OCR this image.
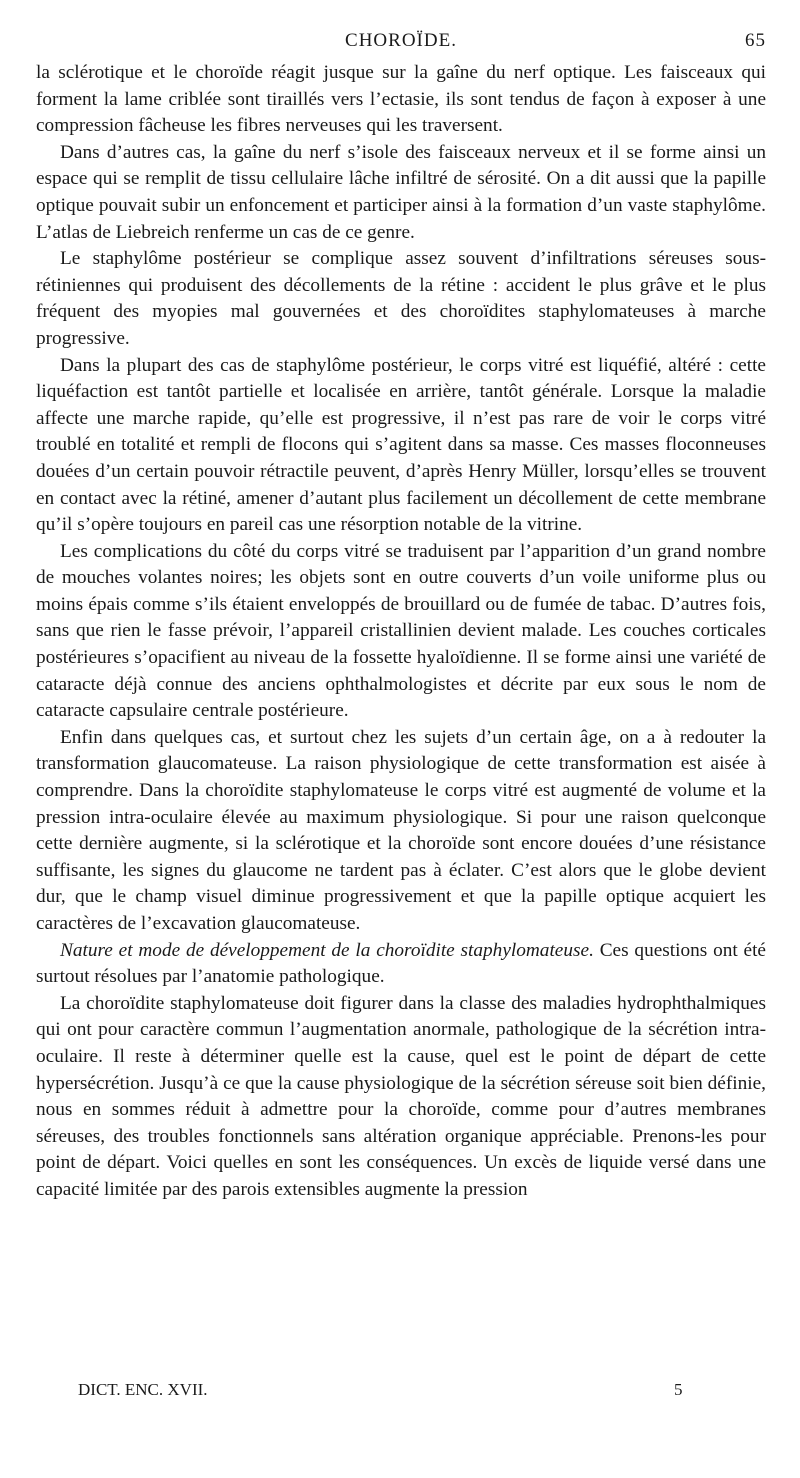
CHOROÏDE.	65

la sclérotique et le choroïde réagit jusque sur la gaîne du nerf optique. Les faisceaux qui forment la lame criblée sont tiraillés vers l’ectasie, ils sont tendus de façon à exposer à une compression fâcheuse les fibres nerveuses qui les traversent.

Dans d’autres cas, la gaîne du nerf s’isole des faisceaux nerveux et il se forme ainsi un espace qui se remplit de tissu cellulaire lâche infiltré de sérosité. On a dit aussi que la papille optique pouvait subir un enfoncement et participer ainsi à la formation d’un vaste staphylôme. L’atlas de Liebreich renferme un cas de ce genre.

Le staphylôme postérieur se complique assez souvent d’infiltrations séreuses sous-rétiniennes qui produisent des décollements de la rétine : accident le plus grâve et le plus fréquent des myopies mal gouvernées et des choroïdites staphylomateuses à marche progressive.

Dans la plupart des cas de staphylôme postérieur, le corps vitré est liquéfié, altéré : cette liquéfaction est tantôt partielle et localisée en arrière, tantôt générale. Lorsque la maladie affecte une marche rapide, qu’elle est progressive, il n’est pas rare de voir le corps vitré troublé en totalité et rempli de flocons qui s’agitent dans sa masse. Ces masses floconneuses douées d’un certain pouvoir rétractile peuvent, d’après Henry Müller, lorsqu’elles se trouvent en contact avec la rétiné, amener d’autant plus facilement un décollement de cette membrane qu’il s’opère toujours en pareil cas une résorption notable de la vitrine.

Les complications du côté du corps vitré se traduisent par l’apparition d’un grand nombre de mouches volantes noires; les objets sont en outre couverts d’un voile uniforme plus ou moins épais comme s’ils étaient enveloppés de brouillard ou de fumée de tabac. D’autres fois, sans que rien le fasse prévoir, l’appareil cristallinien devient malade. Les couches corticales postérieures s’opacifient au niveau de la fossette hyaloïdienne. Il se forme ainsi une variété de cataracte déjà connue des anciens ophthalmologistes et décrite par eux sous le nom de cataracte capsulaire centrale postérieure.

Enfin dans quelques cas, et surtout chez les sujets d’un certain âge, on a à redouter la transformation glaucomateuse. La raison physiologique de cette transformation est aisée à comprendre. Dans la choroïdite staphylomateuse le corps vitré est augmenté de volume et la pression intra-oculaire élevée au maximum physiologique. Si pour une raison quelconque cette dernière augmente, si la sclérotique et la choroïde sont encore douées d’une résistance suffisante, les signes du glaucome ne tardent pas à éclater. C’est alors que le globe devient dur, que le champ visuel diminue progressivement et que la papille optique acquiert les caractères de l’excavation glaucomateuse.

Nature et mode de développement de la choroïdite staphylomateuse. Ces questions ont été surtout résolues par l’anatomie pathologique.

La choroïdite staphylomateuse doit figurer dans la classe des maladies hydrophthalmiques qui ont pour caractère commun l’augmentation anormale, pathologique de la sécrétion intra-oculaire. Il reste à déterminer quelle est la cause, quel est le point de départ de cette hypersécrétion. Jusqu’à ce que la cause physiologique de la sécrétion séreuse soit bien définie, nous en sommes réduit à admettre pour la choroïde, comme pour d’autres membranes séreuses, des troubles fonctionnels sans altération organique appréciable. Prenons-les pour point de départ. Voici quelles en sont les conséquences. Un excès de liquide versé dans une capacité limitée par des parois extensibles augmente la pression

DICT. ENC. XVII.	5
